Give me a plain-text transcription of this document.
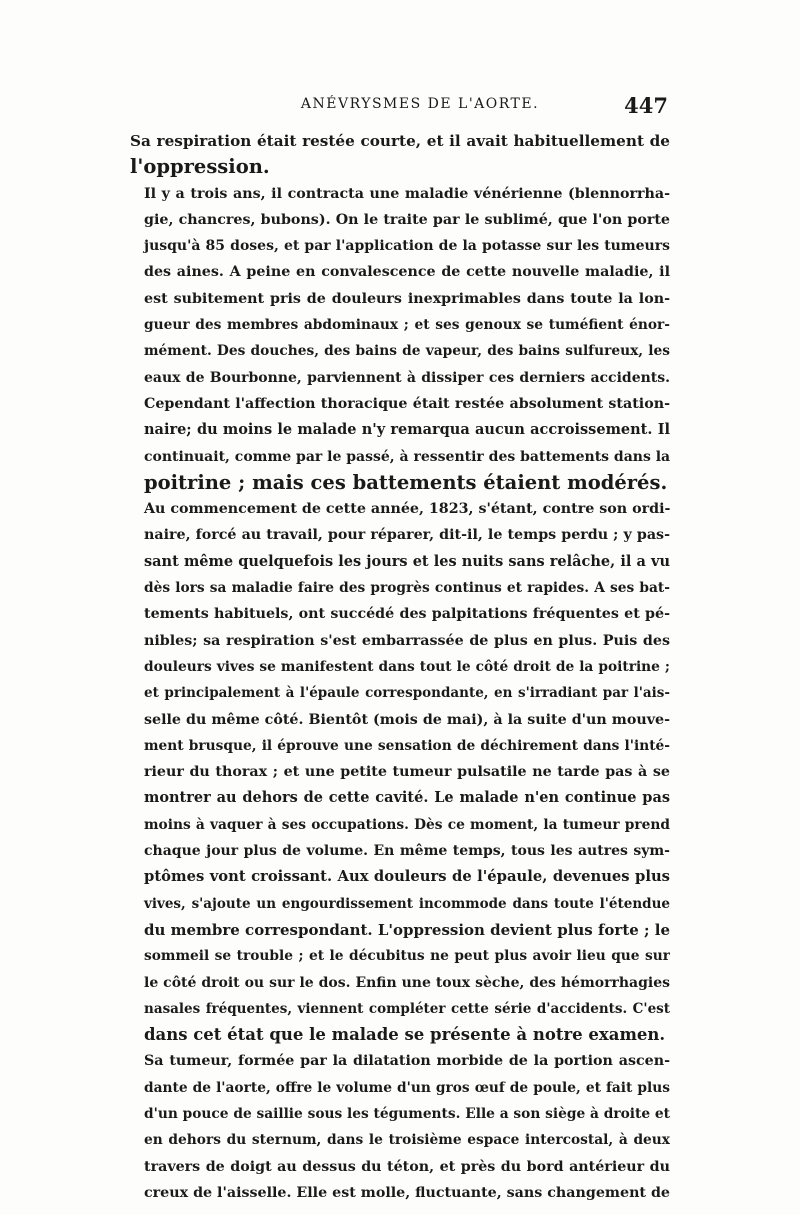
ANÉVRYSMES DE L'AORTE.	447
Sa respiration était restée courte, et il avait habituellement de
l'oppression.
Il y a trois ans, il contracta une maladie vénérienne (blennorrha-
gie, chancres, bubons). On le traite par le sublimé, que l'on porte
jusqu'à 85 doses, et par l'application de la potasse sur les tumeurs
des aines. A peine en convalescence de cette nouvelle maladie, il
est subitement pris de douleurs inexprimables dans toute la lon-
gueur des membres abdominaux ; et ses genoux se tuméfient énor-
mément. Des douches, des bains de vapeur, des bains sulfureux, les
eaux de Bourbonne, parviennent à dissiper ces derniers accidents.
Cependant l'affection thoracique était restée absolument station-
naire; du moins le malade n'y remarqua aucun accroissement. Il
continuait, comme par le passé, à ressentir des battements dans la
poitrine ; mais ces battements étaient modérés.
Au commencement de cette année, 1823, s'étant, contre son ordi-
naire, forcé au travail, pour réparer, dit-il, le temps perdu ; y pas-
sant même quelquefois les jours et les nuits sans relâche, il a vu
dès lors sa maladie faire des progrès continus et rapides. A ses bat-
tements habituels, ont succédé des palpitations fréquentes et pé-
nibles; sa respiration s'est embarrassée de plus en plus. Puis des
douleurs vives se manifestent dans tout le côté droit de la poitrine ;
et principalement à l'épaule correspondante, en s'irradiant par l'ais-
selle du même côté. Bientôt (mois de mai), à la suite d'un mouve-
ment brusque, il éprouve une sensation de déchirement dans l'inté-
rieur du thorax ; et une petite tumeur pulsatile ne tarde pas à se
montrer au dehors de cette cavité. Le malade n'en continue pas
moins à vaquer à ses occupations. Dès ce moment, la tumeur prend
chaque jour plus de volume. En même temps, tous les autres sym-
ptômes vont croissant. Aux douleurs de l'épaule, devenues plus
vives, s'ajoute un engourdissement incommode dans toute l'étendue
du membre correspondant. L'oppression devient plus forte ; le
sommeil se trouble ; et le décubitus ne peut plus avoir lieu que sur
le côté droit ou sur le dos. Enfin une toux sèche, des hémorrhagies
nasales fréquentes, viennent compléter cette série d'accidents. C'est
dans cet état que le malade se présente à notre examen.
Sa tumeur, formée par la dilatation morbide de la portion ascen-
dante de l'aorte, offre le volume d'un gros œuf de poule, et fait plus
d'un pouce de saillie sous les téguments. Elle a son siège à droite et
en dehors du sternum, dans le troisième espace intercostal, à deux
travers de doigt au dessus du téton, et près du bord antérieur du
creux de l'aisselle. Elle est molle, fluctuante, sans changement de
